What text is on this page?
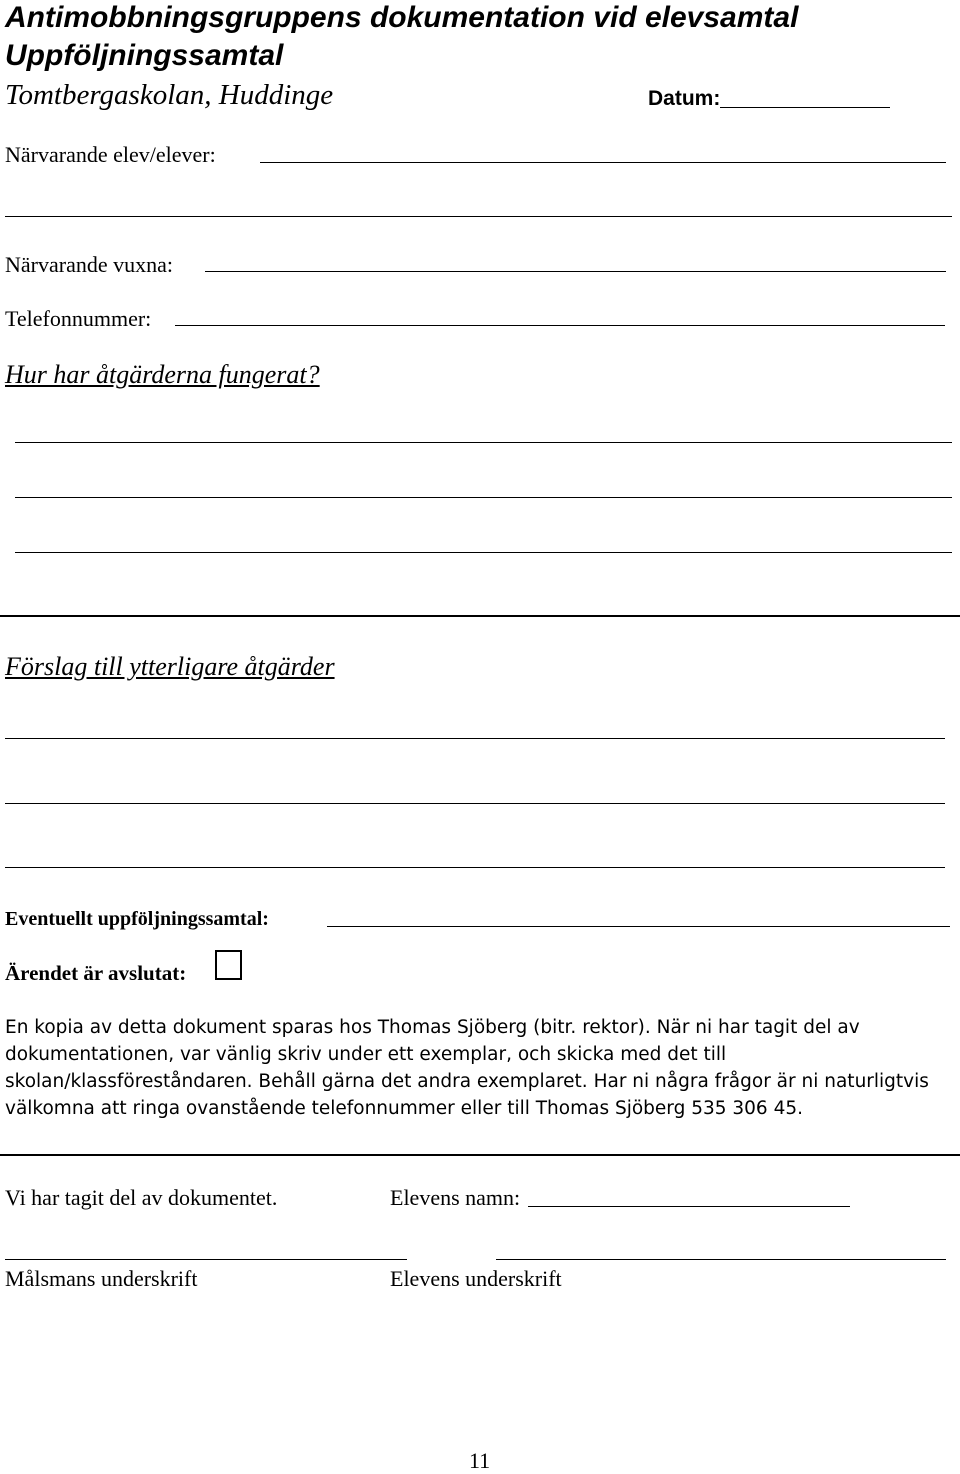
Antimobbningsgruppens dokumentation vid elevsamtal
Uppföljningssamtal
Tomtbergaskolan, Huddinge	Datum:
Närvarande elev/elever:
Närvarande vuxna:
Telefonnummer:
Hur har åtgärderna fungerat?
Förslag till ytterligare åtgärder
Eventuellt uppföljningssamtal:
Ärendet är avslutat:
En kopia av detta dokument sparas hos Thomas Sjöberg (bitr. rektor). När ni har tagit del av dokumentationen, var vänlig skriv under ett exemplar, och skicka med det till skolan/klassföreståndaren. Behåll gärna det andra exemplaret. Har ni några frågor är ni naturligtvis välkomna att ringa ovanstående telefonnummer eller till Thomas Sjöberg 535 306 45.
Vi har tagit del av dokumentet.	Elevens namn:
Målsmans underskrift	Elevens underskrift
11
